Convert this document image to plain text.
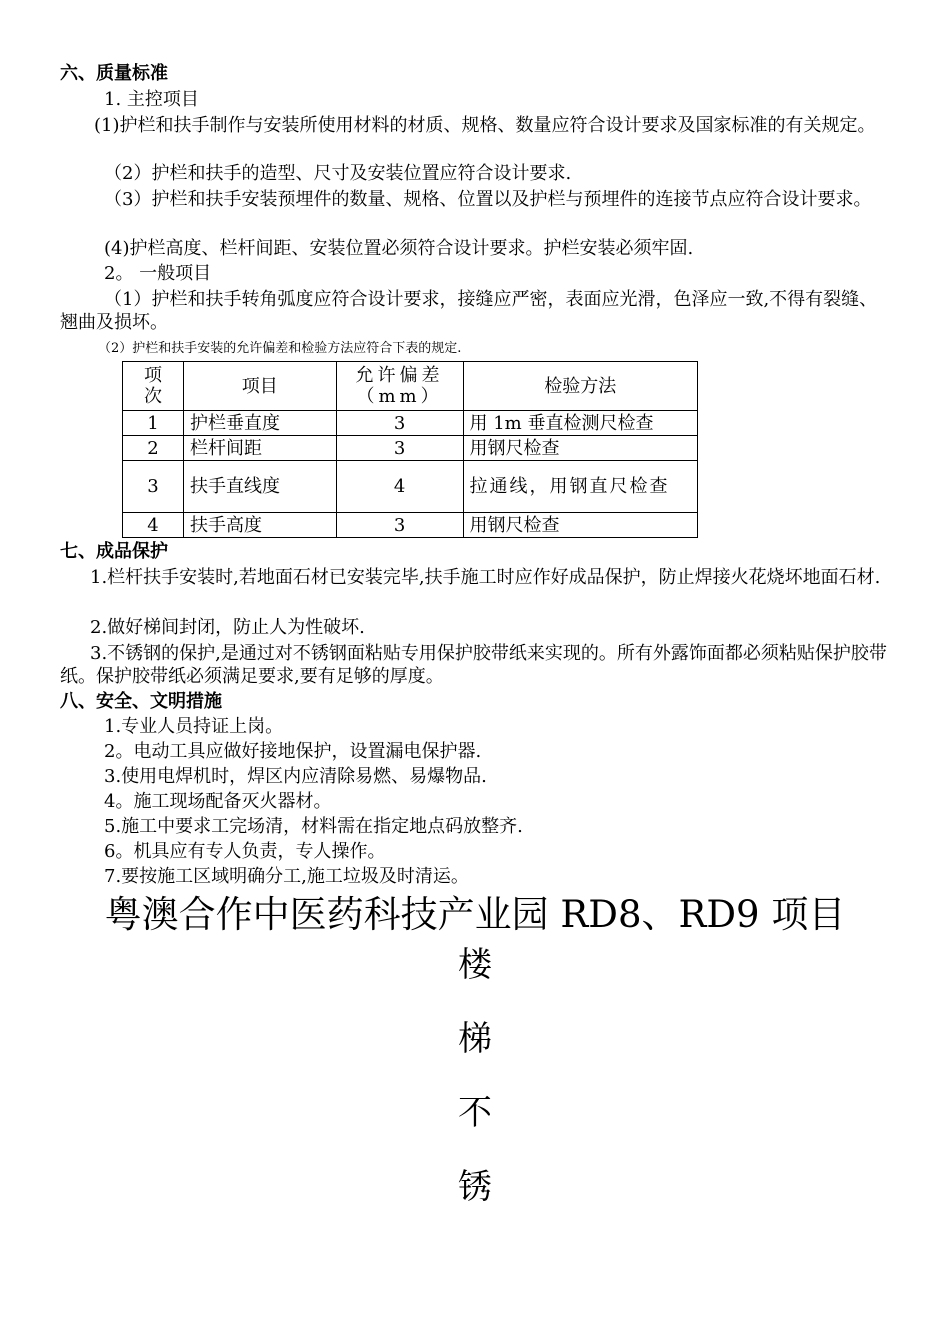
六、质量标准
1. 主控项目
(1)护栏和扶手制作与安装所使用材料的材质、规格、数量应符合设计要求及国家标准的有关规定。
（2）护栏和扶手的造型、尺寸及安装位置应符合设计要求.
（3）护栏和扶手安装预埋件的数量、规格、位置以及护栏与预埋件的连接节点应符合设计要求。
(4)护栏高度、栏杆间距、安装位置必须符合设计要求。护栏安装必须牢固.
2。 一般项目
（1）护栏和扶手转角弧度应符合设计要求，接缝应严密，表面应光滑，色泽应一致,不得有裂缝、翘曲及损坏。
（2）护栏和扶手安装的允许偏差和检验方法应符合下表的规定.
项次	项目	允许偏差（mm）	检验方法
1	护栏垂直度	3	用 1m 垂直检测尺检查
2	栏杆间距	3	用钢尺检查
3	扶手直线度	4	拉通线，用钢直尺检查
4	扶手高度	3	用钢尺检查
七、成品保护
1.栏杆扶手安装时,若地面石材已安装完毕,扶手施工时应作好成品保护，防止焊接火花烧坏地面石材.
2.做好梯间封闭，防止人为性破坏.
3.不锈钢的保护,是通过对不锈钢面粘贴专用保护胶带纸来实现的。所有外露饰面都必须粘贴保护胶带纸。保护胶带纸必须满足要求,要有足够的厚度。
八、安全、文明措施
1.专业人员持证上岗。
2。电动工具应做好接地保护，设置漏电保护器.
3.使用电焊机时，焊区内应清除易燃、易爆物品.
4。施工现场配备灭火器材。
5.施工中要求工完场清，材料需在指定地点码放整齐.
6。机具应有专人负责，专人操作。
7.要按施工区域明确分工,施工垃圾及时清运。
粤澳合作中医药科技产业园 RD8、RD9 项目
楼
梯
不
锈
